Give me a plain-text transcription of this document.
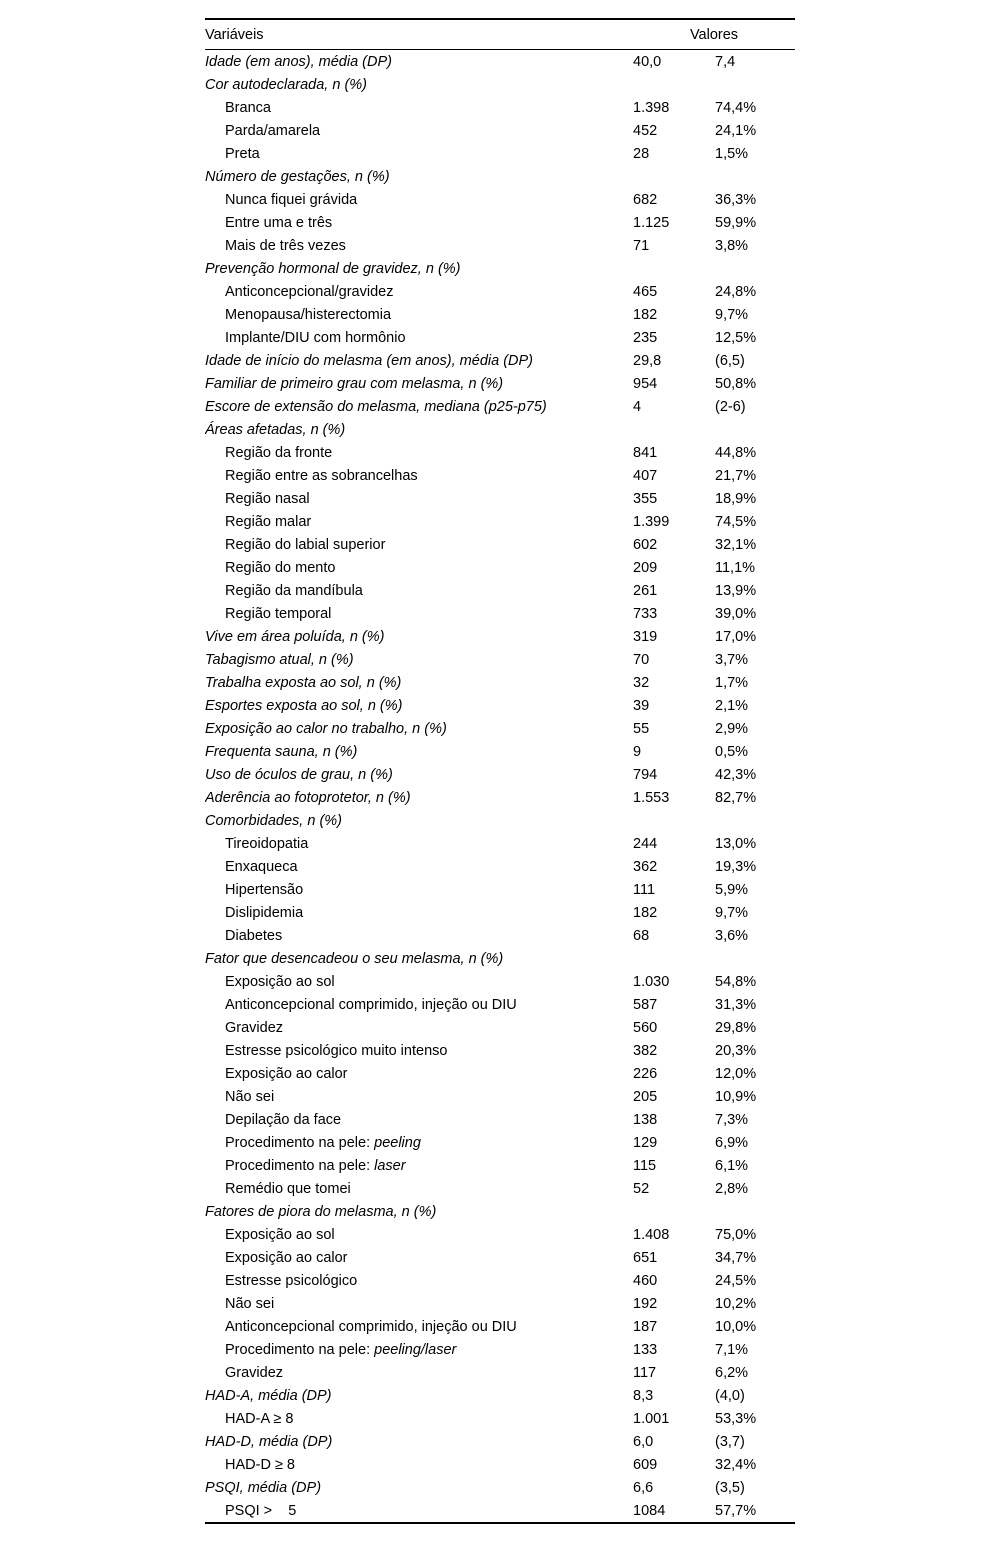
Variáveis	Valores	
Idade (em anos), média (DP)	40,0	7,4
Cor autodeclarada, n (%)		
Branca	1.398	74,4%
Parda/amarela	452	24,1%
Preta	28	1,5%
Número de gestações, n (%)		
Nunca fiquei grávida	682	36,3%
Entre uma e três	1.125	59,9%
Mais de três vezes	71	3,8%
Prevenção hormonal de gravidez, n (%)		
Anticoncepcional/gravidez	465	24,8%
Menopausa/histerectomia	182	9,7%
Implante/DIU com hormônio	235	12,5%
Idade de início do melasma (em anos), média (DP)	29,8	(6,5)
Familiar de primeiro grau com melasma, n (%)	954	50,8%
Escore de extensão do melasma, mediana (p25-p75)	4	(2-6)
Áreas afetadas, n (%)		
Região da fronte	841	44,8%
Região entre as sobrancelhas	407	21,7%
Região nasal	355	18,9%
Região malar	1.399	74,5%
Região do labial superior	602	32,1%
Região do mento	209	11,1%
Região da mandíbula	261	13,9%
Região temporal	733	39,0%
Vive em área poluída, n (%)	319	17,0%
Tabagismo atual, n (%)	70	3,7%
Trabalha exposta ao sol, n (%)	32	1,7%
Esportes exposta ao sol, n (%)	39	2,1%
Exposição ao calor no trabalho, n (%)	55	2,9%
Frequenta sauna, n (%)	9	0,5%
Uso de óculos de grau, n (%)	794	42,3%
Aderência ao fotoprotetor, n (%)	1.553	82,7%
Comorbidades, n (%)		
Tireoidopatia	244	13,0%
Enxaqueca	362	19,3%
Hipertensão	111	5,9%
Dislipidemia	182	9,7%
Diabetes	68	3,6%
Fator que desencadeou o seu melasma, n (%)		
Exposição ao sol	1.030	54,8%
Anticoncepcional comprimido, injeção ou DIU	587	31,3%
Gravidez	560	29,8%
Estresse psicológico muito intenso	382	20,3%
Exposição ao calor	226	12,0%
Não sei	205	10,9%
Depilação da face	138	7,3%
Procedimento na pele: peeling	129	6,9%
Procedimento na pele: laser	115	6,1%
Remédio que tomei	52	2,8%
Fatores de piora do melasma, n (%)		
Exposição ao sol	1.408	75,0%
Exposição ao calor	651	34,7%
Estresse psicológico	460	24,5%
Não sei	192	10,2%
Anticoncepcional comprimido, injeção ou DIU	187	10,0%
Procedimento na pele: peeling/laser	133	7,1%
Gravidez	117	6,2%
HAD-A, média (DP)	8,3	(4,0)
HAD-A ≥ 8	1.001	53,3%
HAD-D, média (DP)	6,0	(3,7)
HAD-D ≥ 8	609	32,4%
PSQI, média (DP)	6,6	(3,5)
PSQI >    5	1084	57,7%
